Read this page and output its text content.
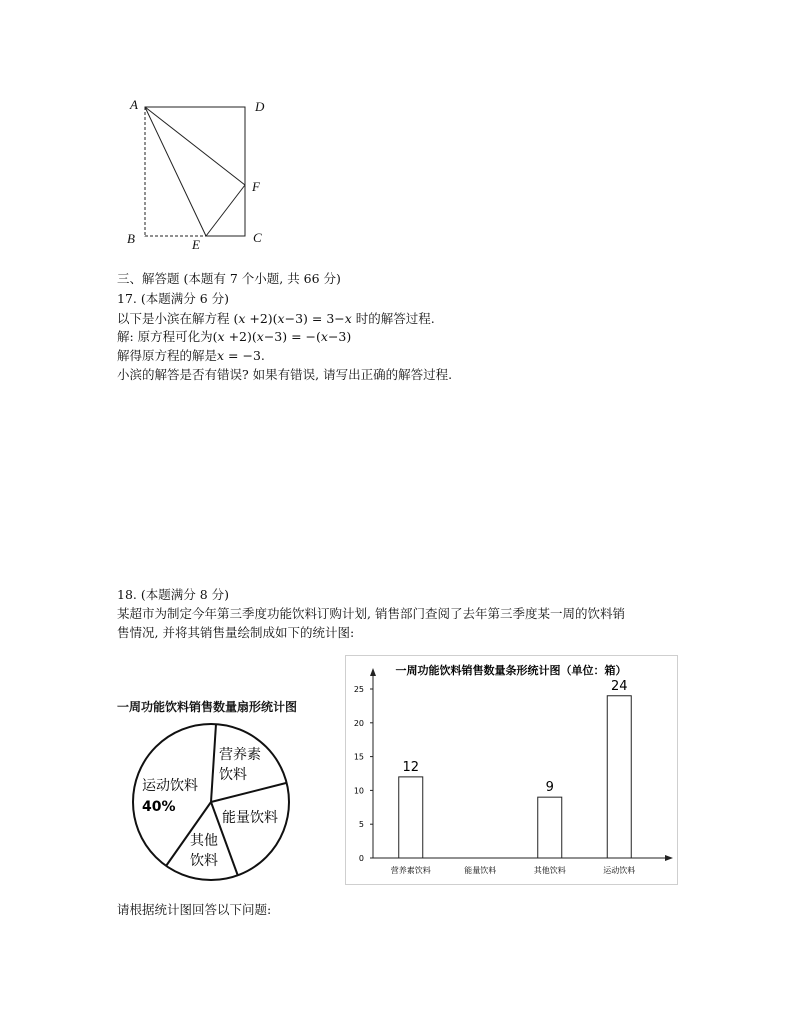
A	D
F
B	E	C
三、解答题 (本题有 7 个小题, 共 66 分)
17. (本题满分 6 分)
以下是小滨在解方程 (𝑥 +2)(𝑥−3) = 3−𝑥 时的解答过程.
解: 原方程可化为(𝑥 +2)(𝑥−3) = −(𝑥−3)
解得原方程的解是𝑥 = −3.
小滨的解答是否有错误? 如果有错误, 请写出正确的解答过程.
18. (本题满分 8 分)
某超市为制定今年第三季度功能饮料订购计划, 销售部门查阅了去年第三季度某一周的饮料销
售情况, 并将其销售量绘制成如下的统计图:
一周功能饮料销售数量扇形统计图
营养素
饮料
能量饮料
其他
饮料
运动饮料
40%
一周功能饮料销售数量条形统计图（单位：箱）
0
5
10
15
20
25
营养素饮料
12
能量饮料	其他饮料
9
运动饮料
24
请根据统计图回答以下问题:
